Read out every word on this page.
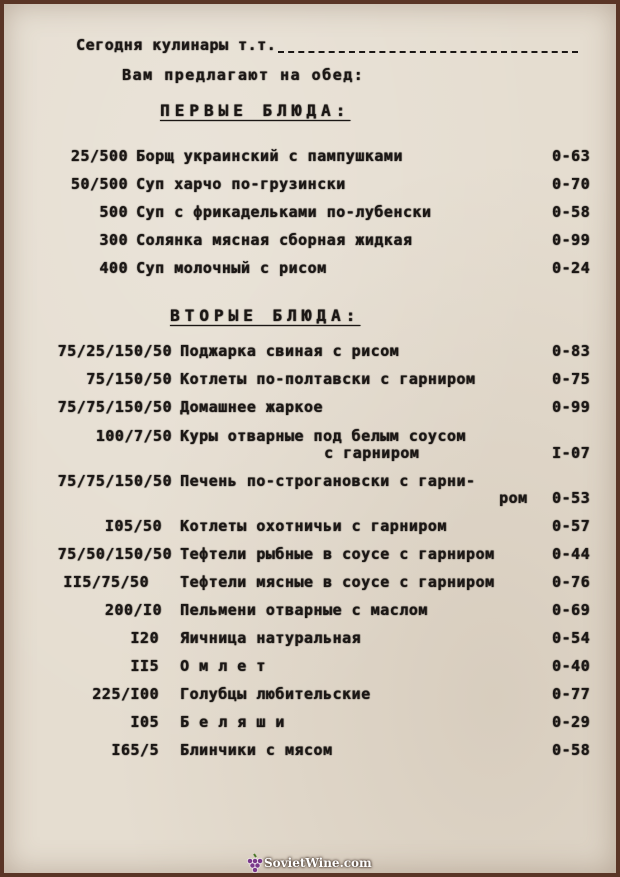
Сегодня кулинары т.т.
Вам предлагают на обед:
ПЕРВЫЕ БЛЮДА:
25/500 Борщ украинский с пампушками	0-63
50/500 Суп харчо по-грузински	0-70
500 Суп с фрикадельками по-лубенски	0-58
300 Солянка мясная сборная жидкая	0-99
400 Суп молочный с рисом	0-24
ВТОРЫЕ БЛЮДА:
75/25/150/50 Поджарка свиная с рисом	0-83
75/150/50 Котлеты по-полтавски с гарниром	0-75
75/75/150/50 Домашнее жаркое	0-99
100/7/50 Куры отварные под белым соусом
с гарниром	I-07
75/75/150/50 Печень по-строгановски с гарни-
ром 0-53
I05/50 Котлеты охотничьи с гарниром	0-57
75/50/150/50 Тефтели рыбные в соусе с гарниром	0-44
II5/75/50 Тефтели мясные в соусе с гарниром	0-76
200/I0 Пельмени отварные с маслом	0-69
I20 Яичница натуральная	0-54
II5 О м л е т	0-40
225/I00 Голубцы любительские	0-77
I05 Б е л я ш и	0-29
I65/5 Блинчики с мясом	0-58
SovietWine.com
